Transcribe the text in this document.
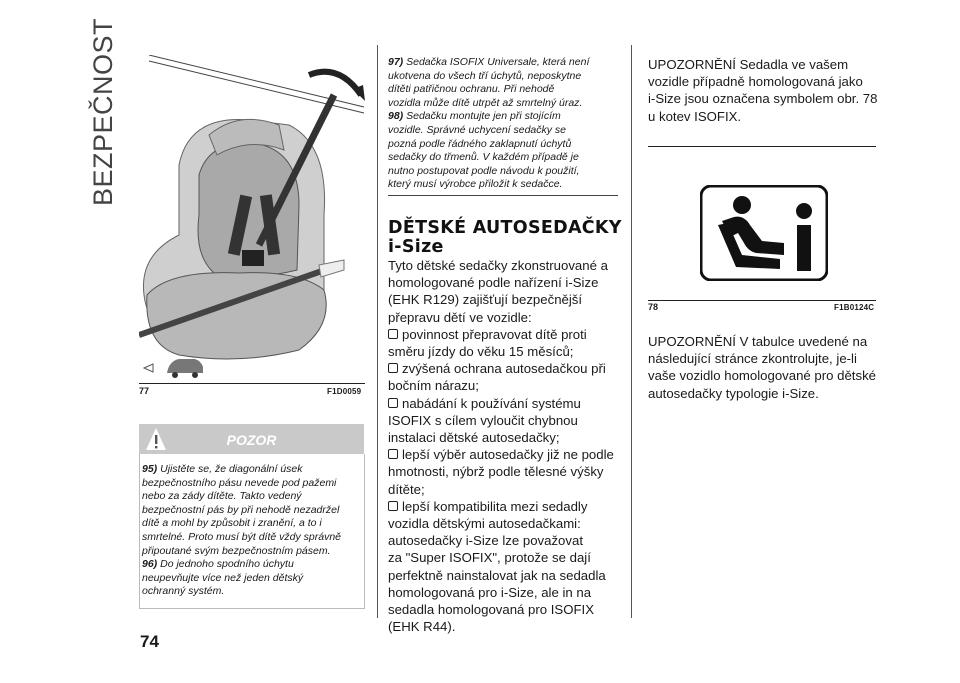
BEZPEČNOST
77	F1D0059
POZOR
95) Ujistěte se, že diagonální úsek
bezpečnostního pásu nevede pod pažemi
nebo za zády dítěte. Takto vedený
bezpečnostní pás by při nehodě nezadržel
dítě a mohl by způsobit i zranění, a to i
smrtelné. Proto musí být dítě vždy správně
připoutané svým bezpečnostním pásem.
96) Do jednoho spodního úchytu
neupevňujte více než jeden dětský
ochranný systém.
97) Sedačka ISOFIX Universale, která není
ukotvena do všech tří úchytů, neposkytne
dítěti patřičnou ochranu. Při nehodě
vozidla může dítě utrpět až smrtelný úraz.
98) Sedačku montujte jen při stojícím
vozidle. Správné uchycení sedačky se
pozná podle řádného zaklapnutí úchytů
sedačky do třmenů. V každém případě je
nutno postupovat podle návodu k použití,
který musí výrobce přiložit k sedačce.
DĚTSKÉ AUTOSEDAČKY
i-Size
Tyto dětské sedačky zkonstruované a
homologované podle nařízení i-Size
(EHK R129) zajišťují bezpečnější
přepravu dětí ve vozidle:
povinnost přepravovat dítě proti
směru jízdy do věku 15 měsíců;
zvýšená ochrana autosedačkou při
bočním nárazu;
nabádání k používání systému
ISOFIX s cílem vyloučit chybnou
instalaci dětské autosedačky;
lepší výběr autosedačky již ne podle
hmotnosti, nýbrž podle tělesné výšky
dítěte;
lepší kompatibilita mezi sedadly
vozidla dětskými autosedačkami:
autosedačky i-Size lze považovat
za "Super ISOFIX", protože se dají
perfektně nainstalovat jak na sedadla
homologovaná pro i-Size, ale in na
sedadla homologovaná pro ISOFIX
(EHK R44).
UPOZORNĚNÍ Sedadla ve vašem
vozidle případně homologovaná jako
i-Size jsou označena symbolem obr. 78
u kotev ISOFIX.
78	F1B0124C
UPOZORNĚNÍ V tabulce uvedené na
následující stránce zkontrolujte, je-li
vaše vozidlo homologované pro dětské
autosedačky typologie i-Size.
74
